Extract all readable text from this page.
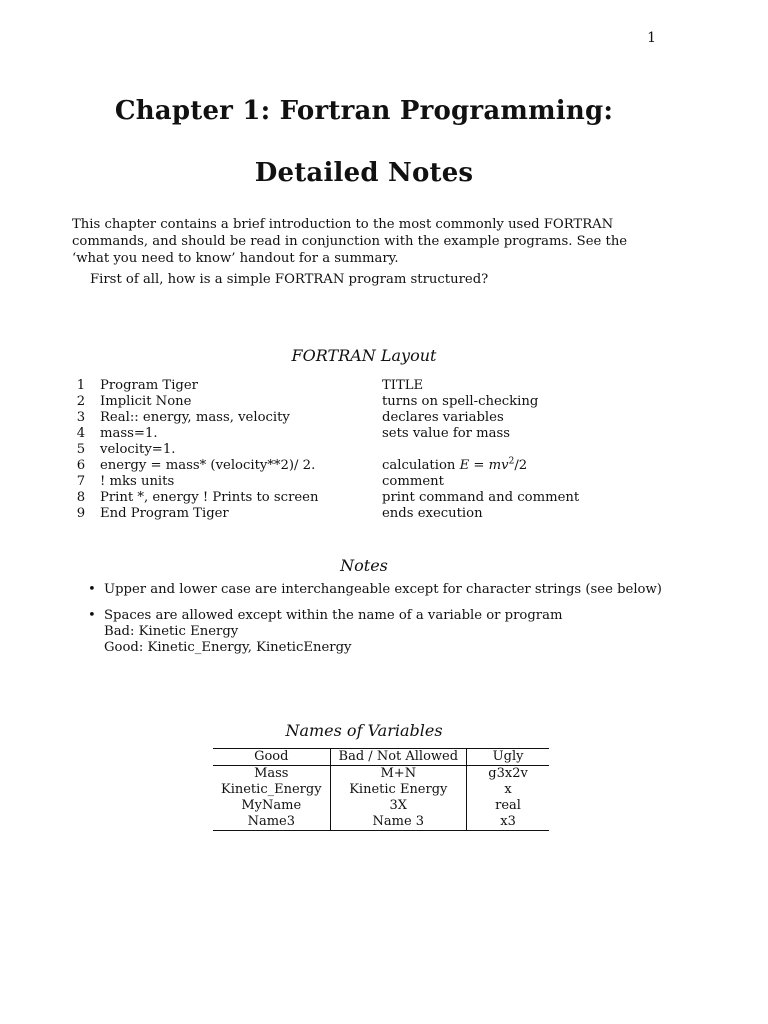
1
Chapter 1: Fortran Programming:
Detailed Notes
This chapter contains a brief introduction to the most commonly used FORTRAN commands, and should be read in conjunction with the example programs. See the ‘what you need to know’ handout for a summary.
First of all, how is a simple FORTRAN program structured?
FORTRAN Layout
1	Program Tiger	TITLE
2	Implicit None	turns on spell-checking
3	Real:: energy, mass, velocity	declares variables
4	mass=1.	sets value for mass
5	velocity=1.	
6	energy = mass* (velocity**2)/ 2.	calculation $E = mv^2/2$
7	! mks units	comment
8	Print *, energy ! Prints to screen	print command and comment
9	End Program Tiger	ends execution
Notes
• Upper and lower case are interchangeable except for character strings (see below)
• Spaces are allowed except within the name of a variable or program
Bad: Kinetic Energy
Good: Kinetic_Energy, KineticEnergy
Names of Variables
Good	Bad / Not Allowed	Ugly
Mass	M+N	g3x2v
Kinetic_Energy	Kinetic Energy	x
MyName	3X	real
Name3	Name 3	x3
